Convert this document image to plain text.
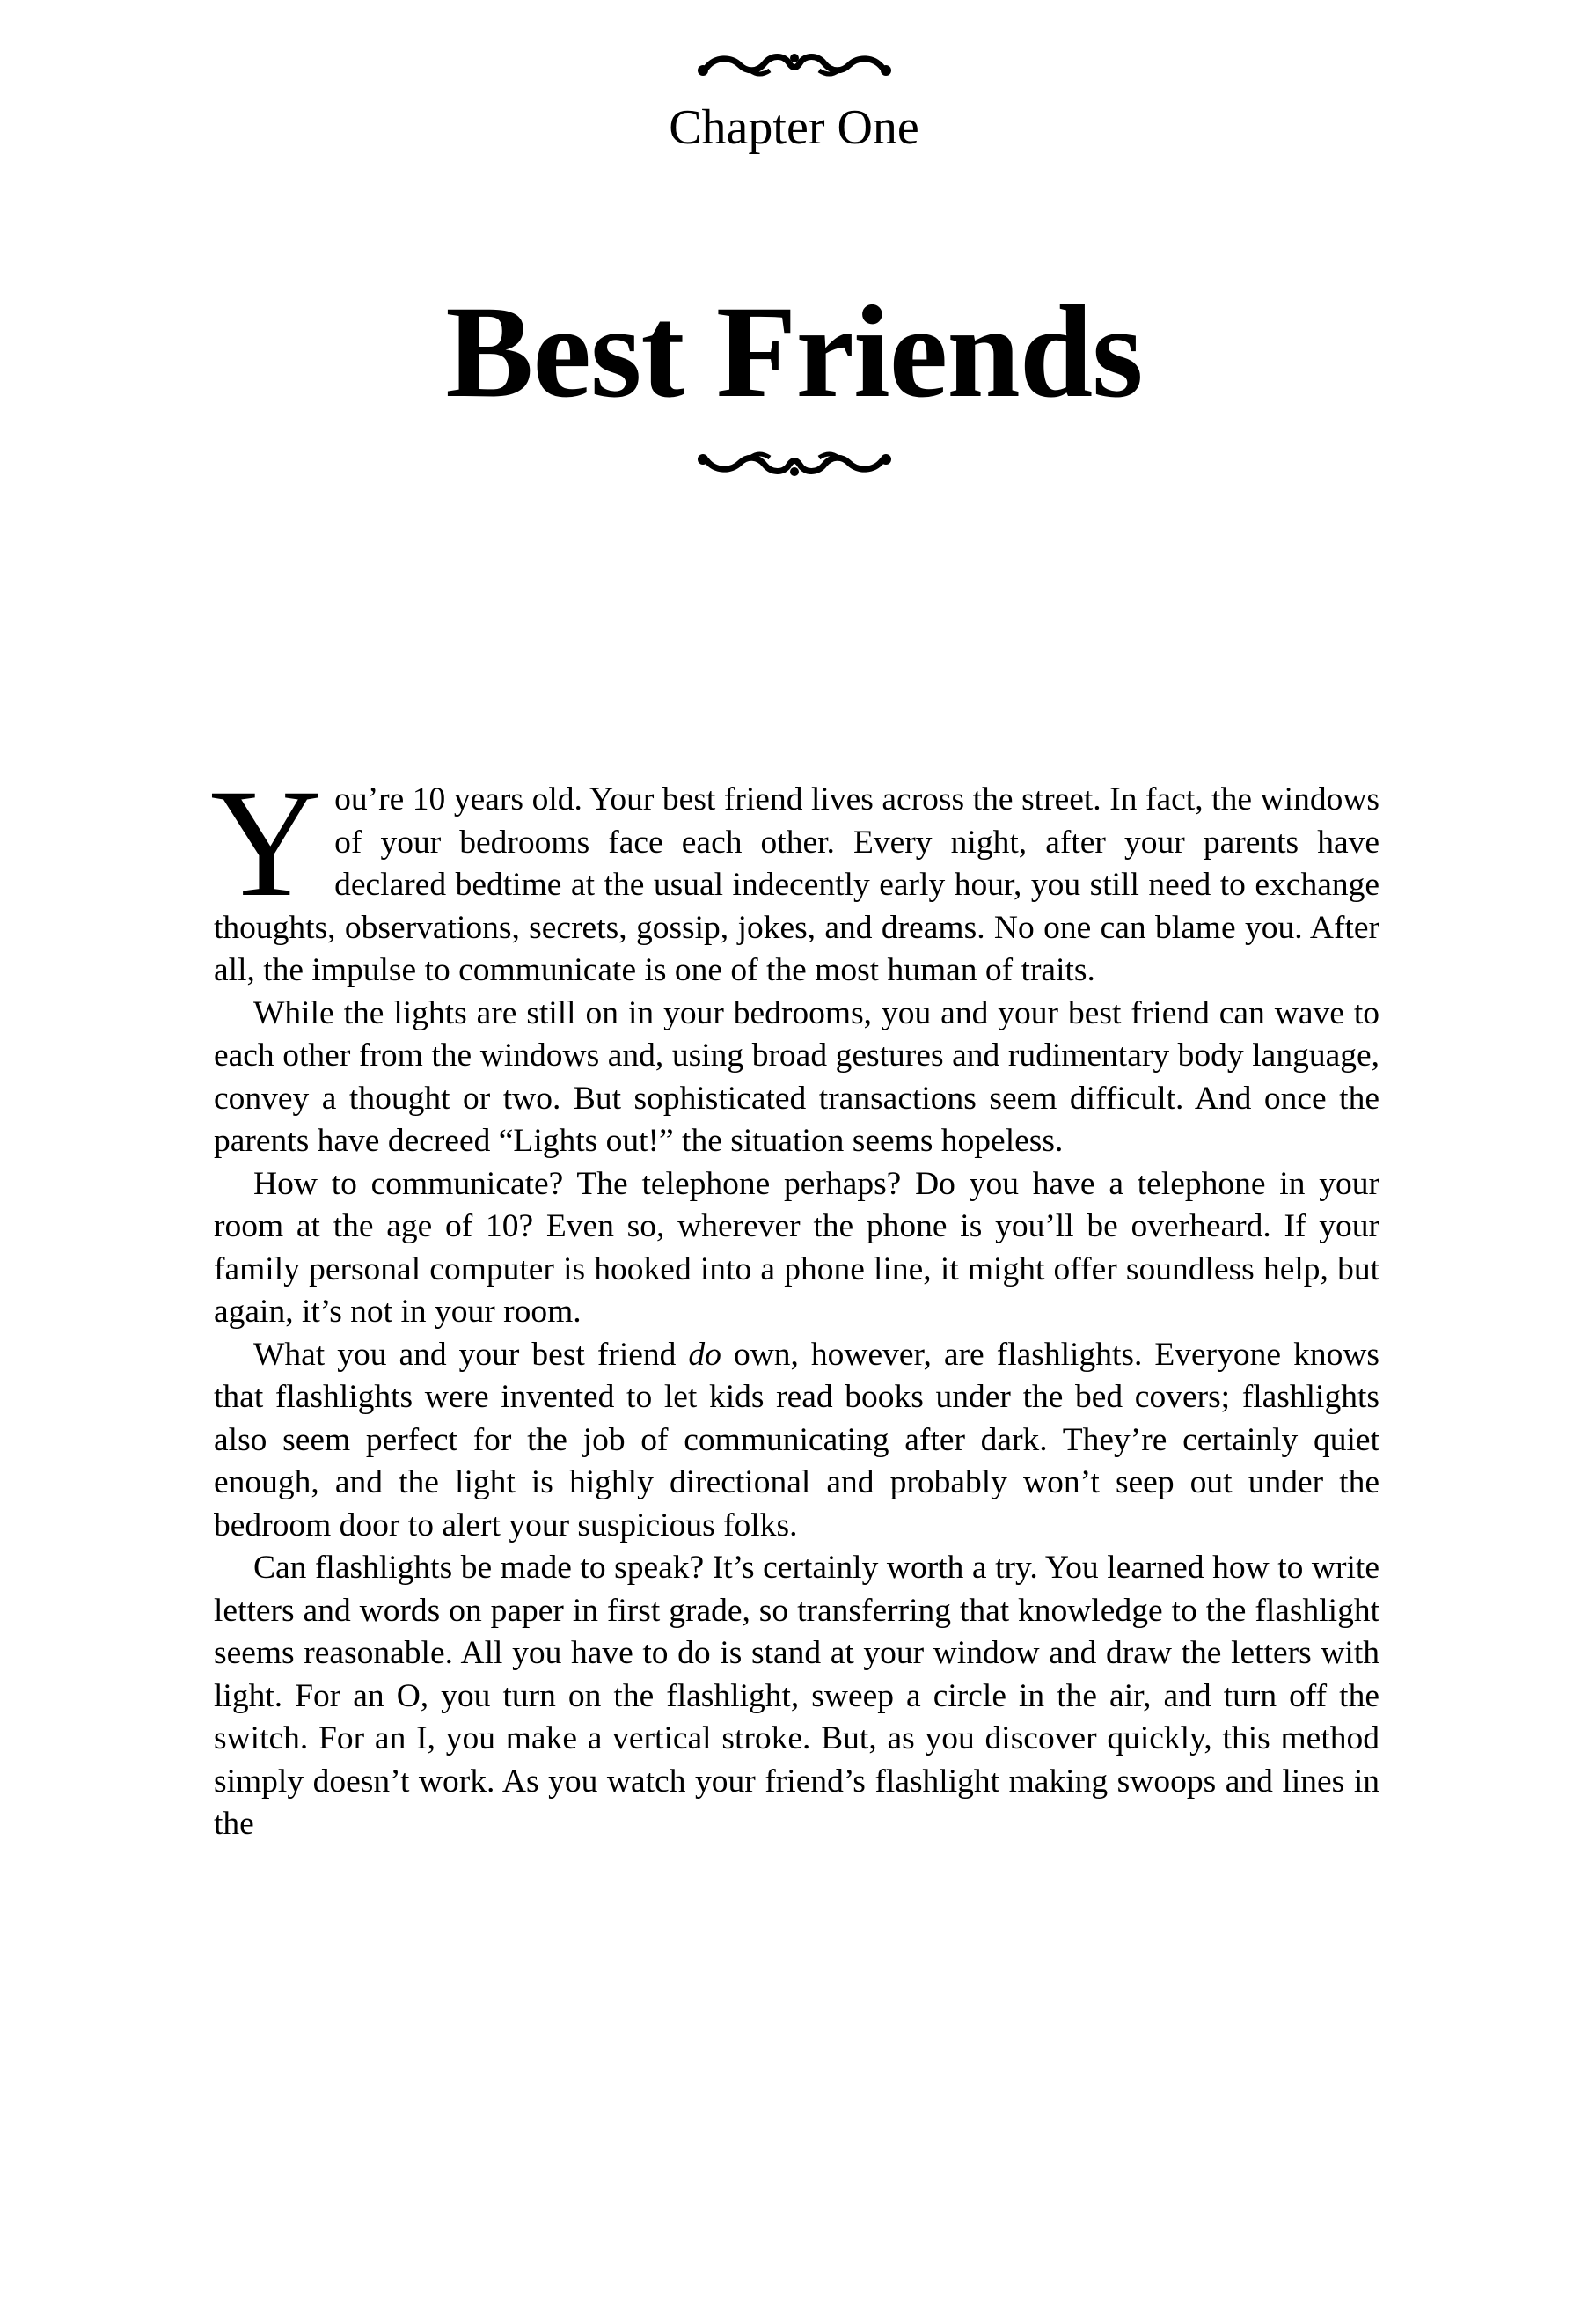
Chapter One
Best Friends

You’re 10 years old. Your best friend lives across the street. In fact, the windows of your bedrooms face each other. Every night, after your parents have declared bedtime at the usual indecently early hour, you still need to exchange thoughts, observations, secrets, gossip, jokes, and dreams. No one can blame you. After all, the impulse to communicate is one of the most human of traits.

While the lights are still on in your bedrooms, you and your best friend can wave to each other from the windows and, using broad gestures and rudimentary body language, convey a thought or two. But sophisticated transactions seem difficult. And once the parents have decreed “Lights out!” the situation seems hopeless.

How to communicate? The telephone perhaps? Do you have a telephone in your room at the age of 10? Even so, wherever the phone is you’ll be overheard. If your family personal computer is hooked into a phone line, it might offer soundless help, but again, it’s not in your room.

What you and your best friend do own, however, are flashlights. Everyone knows that flashlights were invented to let kids read books under the bed covers; flashlights also seem perfect for the job of communicating after dark. They’re certainly quiet enough, and the light is highly directional and probably won’t seep out under the bedroom door to alert your suspicious folks.

Can flashlights be made to speak? It’s certainly worth a try. You learned how to write letters and words on paper in first grade, so transferring that knowledge to the flashlight seems reasonable. All you have to do is stand at your window and draw the letters with light. For an O, you turn on the flashlight, sweep a circle in the air, and turn off the switch. For an I, you make a vertical stroke. But, as you discover quickly, this method simply doesn’t work. As you watch your friend’s flashlight making swoops and lines in the
